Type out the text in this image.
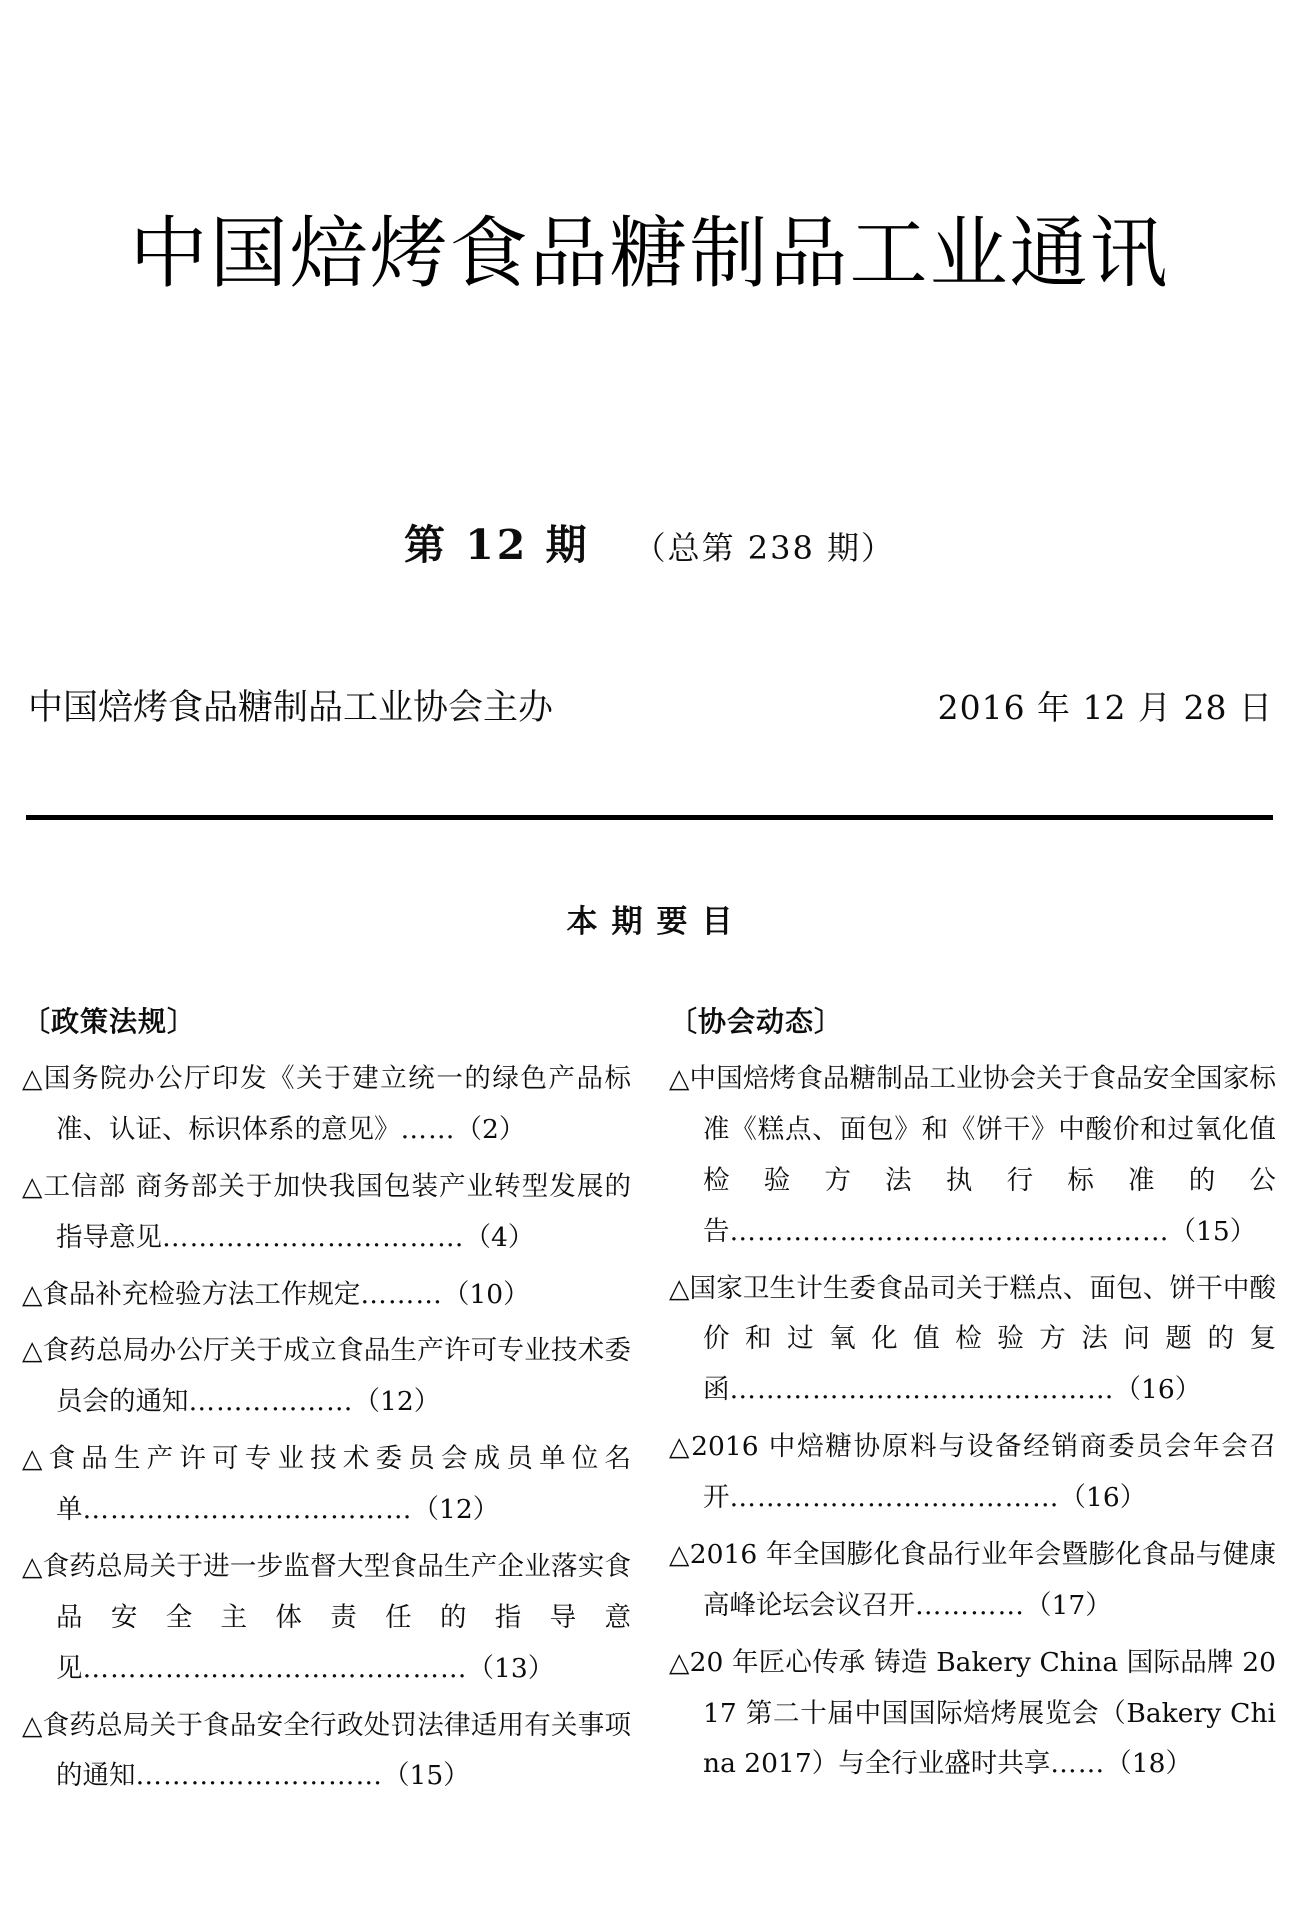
中国焙烤食品糖制品工业通讯
第 12 期 （总第 238 期）
中国焙烤食品糖制品工业协会主办	2016 年 12 月 28 日
本期要目
〔政策法规〕

△国务院办公厅印发《关于建立统一的绿色产品标准、认证、标识体系的意见》……（2）

△工信部 商务部关于加快我国包装产业转型发展的指导意见……………………………（4）

△食品补充检验方法工作规定………（10）

△食药总局办公厅关于成立食品生产许可专业技术委员会的通知………………（12）

△食品生产许可专业技术委员会成员单位名单………………………………（12）

△食药总局关于进一步监督大型食品生产企业落实食品安全主体责任的指导意见……………………………………（13）

△食药总局关于食品安全行政处罚法律适用有关事项的通知………………………（15）

〔协会动态〕

△中国焙烤食品糖制品工业协会关于食品安全国家标准《糕点、面包》和《饼干》中酸价和过氧化值检验方法执行标准的公告…………………………………………（15）

△国家卫生计生委食品司关于糕点、面包、饼干中酸价和过氧化值检验方法问题的复函……………………………………（16）

△2016 中焙糖协原料与设备经销商委员会年会召开………………………………（16）

△2016 年全国膨化食品行业年会暨膨化食品与健康高峰论坛会议召开…………（17）

△20 年匠心传承 铸造 Bakery China 国际品牌 2017 第二十届中国国际焙烤展览会（Bakery China 2017）与全行业盛时共享……（18）
